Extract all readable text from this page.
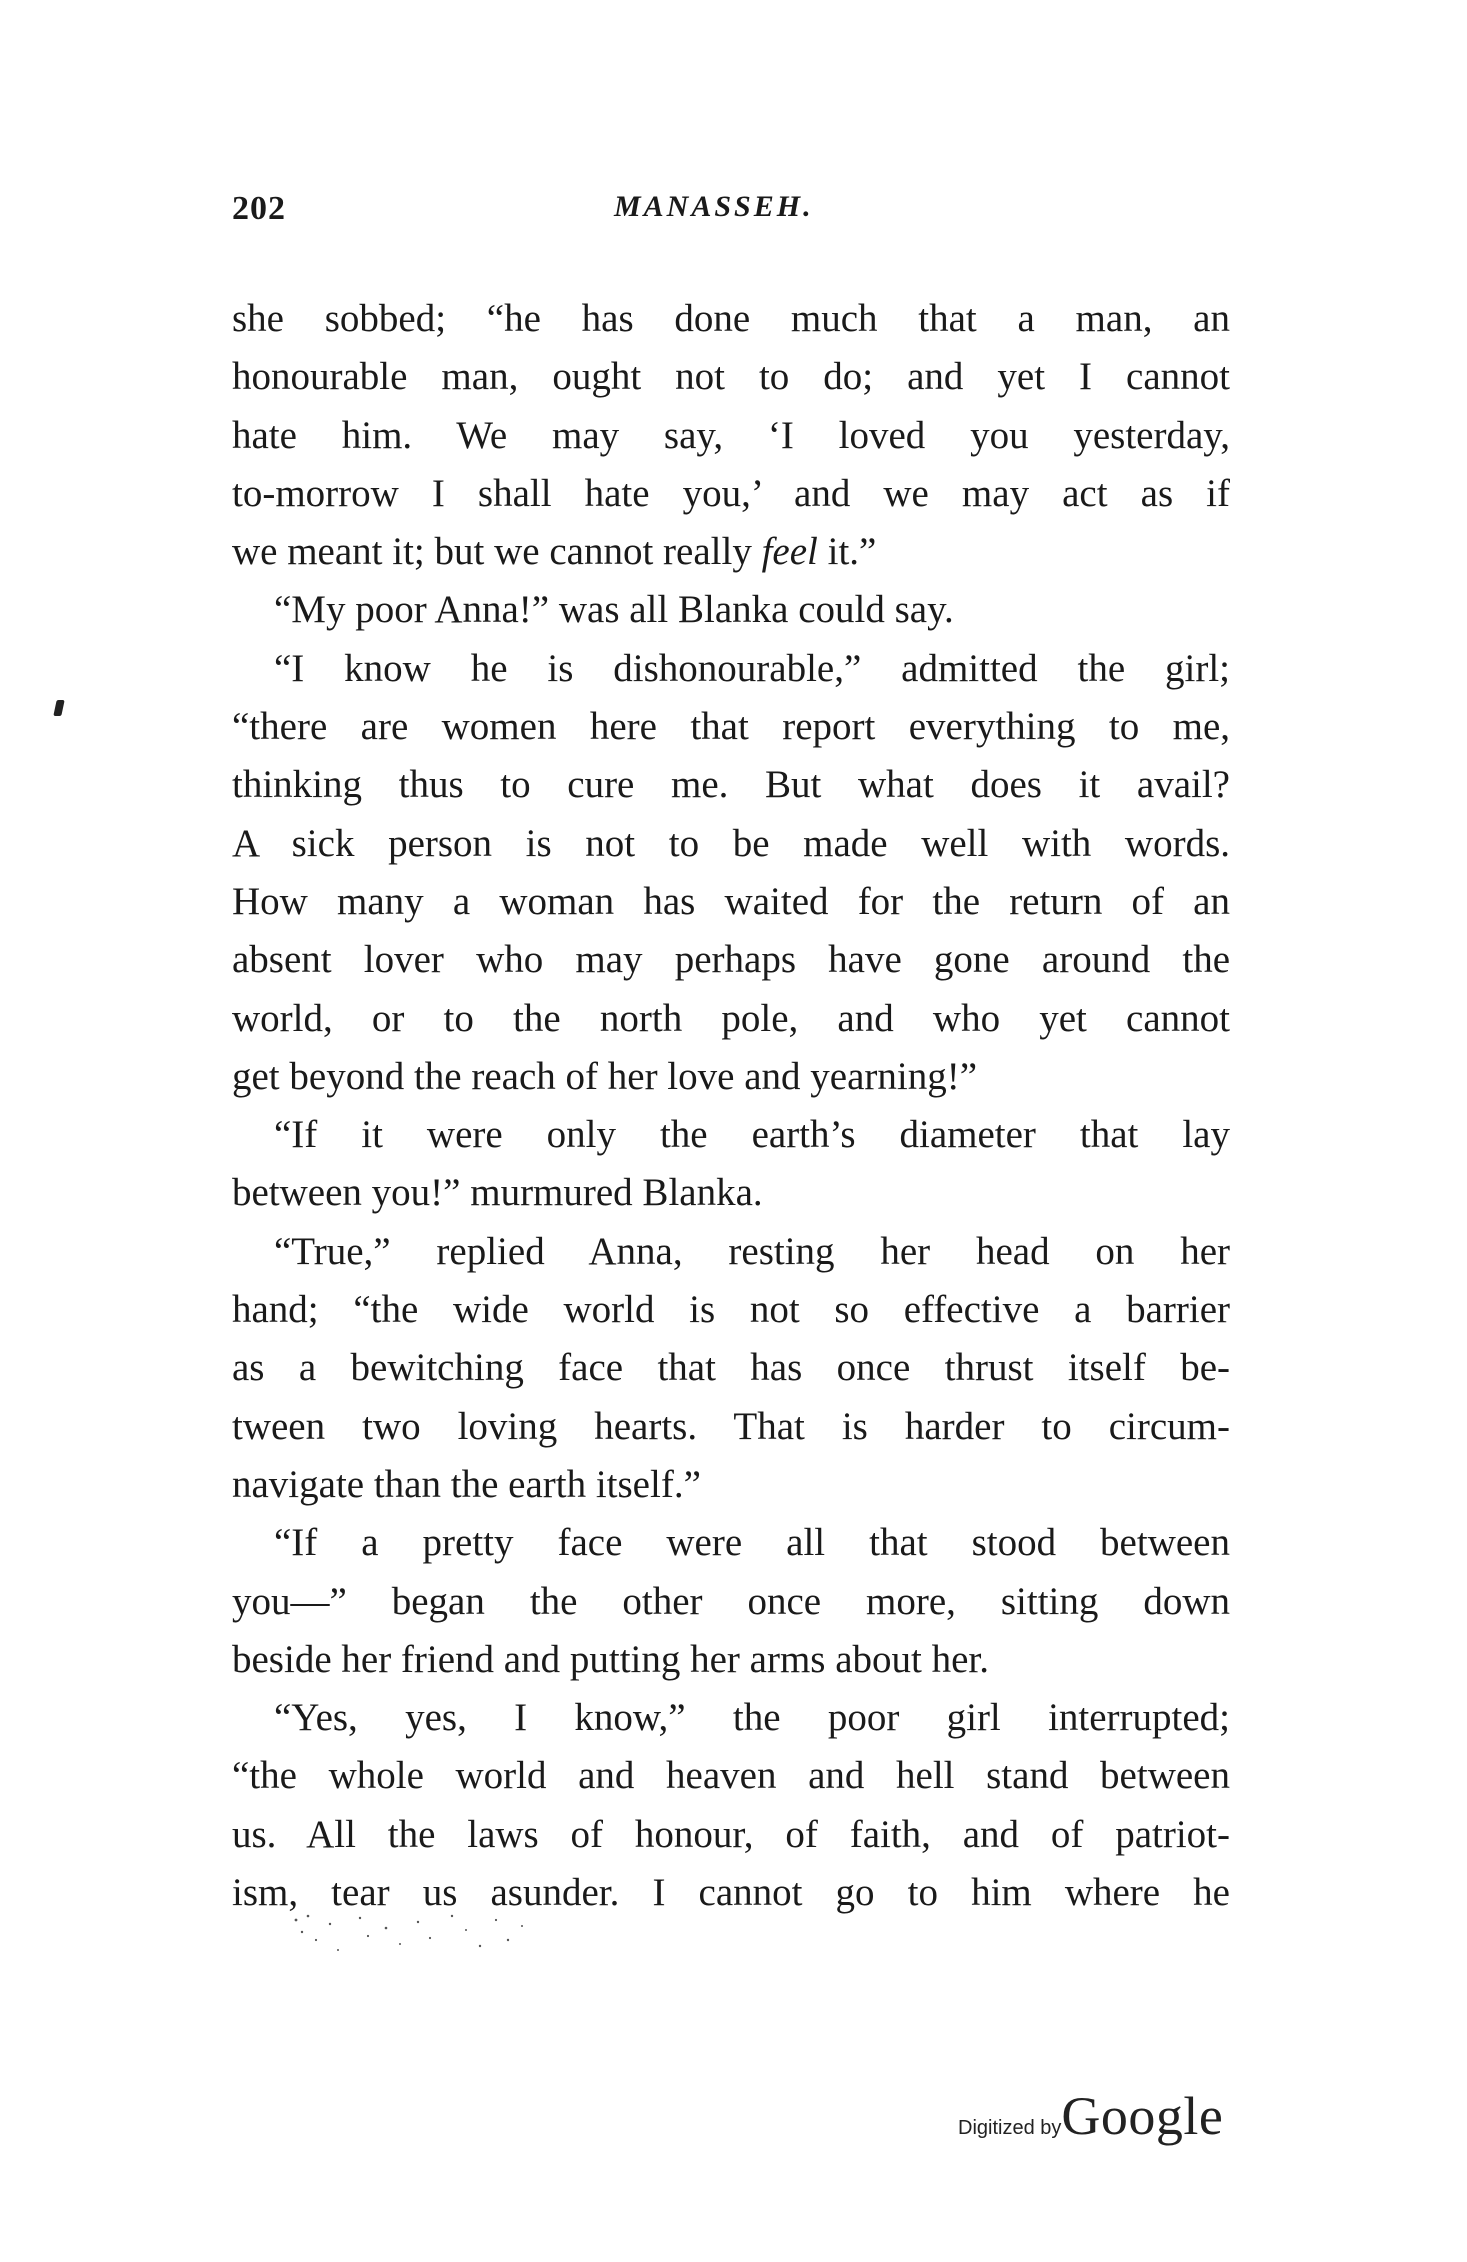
202	MANASSEH.
she sobbed; “he has done much that a man, an
honourable man, ought not to do; and yet I cannot
hate him. We may say, ‘I loved you yesterday,
to-morrow I shall hate you,’ and we may act as if
we meant it; but we cannot really feel it.”
“My poor Anna!” was all Blanka could say.
“I know he is dishonourable,” admitted the girl;
“there are women here that report everything to me,
thinking thus to cure me. But what does it avail?
A sick person is not to be made well with words.
How many a woman has waited for the return of an
absent lover who may perhaps have gone around the
world, or to the north pole, and who yet cannot
get beyond the reach of her love and yearning!”
“If it were only the earth’s diameter that lay
between you!” murmured Blanka.
“True,” replied Anna, resting her head on her
hand; “the wide world is not so effective a barrier
as a bewitching face that has once thrust itself be-
tween two loving hearts. That is harder to circum-
navigate than the earth itself.”
“If a pretty face were all that stood between
you—” began the other once more, sitting down
beside her friend and putting her arms about her.
“Yes, yes, I know,” the poor girl interrupted;
“the whole world and heaven and hell stand between
us. All the laws of honour, of faith, and of patriot-
ism, tear us asunder. I cannot go to him where he
Digitized byGoogle
